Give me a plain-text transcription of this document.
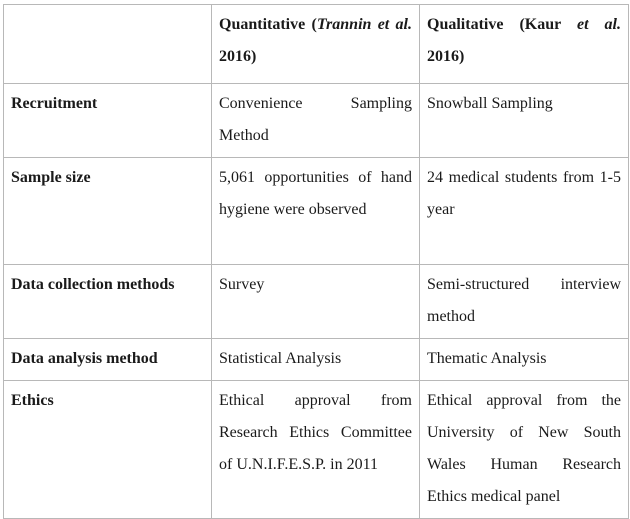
	Quantitative (Trannin et al. 2016)	Qualitative (Kaur et al. 2016)
Recruitment	Convenience Sampling Method	Snowball Sampling
Sample size	5,061 opportunities of hand hygiene were observed	24 medical students from 1-5 year
Data collection methods	Survey	Semi-structured interview method
Data analysis method	Statistical Analysis	Thematic Analysis
Ethics	Ethical approval from Research Ethics Committee of U.N.I.F.E.S.P. in 2011	Ethical approval from the University of New South Wales Human Research Ethics medical panel
